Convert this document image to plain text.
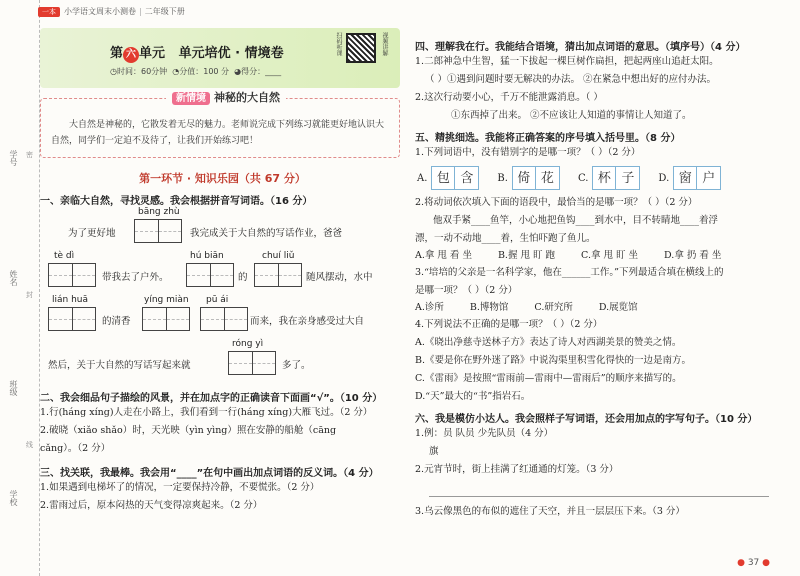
学号
姓名
班级
学校
密
封
线
一本 小学语文周末小测卷 | 二年级下册
第 六 单元 单元培优 · 情境卷
◷时间：60分钟 ◔分值：100 分 ◕得分：____
扫码听课	视频讲解
新情境 神秘的大自然

大自然是神秘的，它散发着无尽的魅力。老师说完成下列练习就能更好地认识大自然，同学们一定迫不及待了，让我们开始练习吧！

第一环节 · 知识乐园（共 67 分）
一、亲临大自然，寻找灵感。我会根据拼音写词语。（16 分）
bāng zhù
为了更好地	我完成关于大自然的写话作业，爸爸
tè dì
带我去了户外。
hú biān
的
chuí liǔ
随风摆动，水中
lián huā
的清香
yíng miàn pū ái
而来，我在亲身感受过大自
然后，关于大自然的写话写起来就
róng yì
多了。
二、我会细品句子描绘的风景，并在加点字的正确读音下面画“√”。（10 分）
1.行(háng xíng)人走在小路上，我们看到一行(háng xíng)大雁飞过。（2 分）
2.破晓（xiǎo shǎo）时，天光映（yìn yìng）照在安静的船舱（cāng
cǎng）。（2 分）
三、找关联，我最棒。我会用“____”在句中画出加点词语的反义词。（4 分）
1.如果遇到电梯坏了的情况，一定要保持冷静，不要慌张。（2 分）
2.雷雨过后，原本闷热的天气变得凉爽起来。（2 分）
四、理解我在行。我能结合语境，猜出加点词语的意思。（填序号）（4 分）
1.二郎神急中生智，猛一下拔起一棵巨树作扁担，把起两座山追赶太阳。
（ ）①遇到问题时要无解决的办法。 ②在紧急中想出好的应付办法。
2.这次行动要小心，千万不能泄露消息。（ ）
①东西掉了出来。 ②不应该让人知道的事情让人知道了。
五、精挑细选。我能将正确答案的序号填入括号里。（8 分）
1.下列词语中，没有错别字的是哪一项？（ ）（2 分）
A. 包 含	B. 倚 花	C. 杯 子	D. 窗 户
2.将动词依次填入下面的语段中，最恰当的是哪一项？（ ）（2 分）
他双手紧____鱼竿，小心地把鱼钩____到水中，目不转睛地____着浮
漂，一动不动地____着，生怕吓跑了鱼儿。
A.拿 甩 看 坐	B.握 甩 盯 跑	C.拿 甩 盯 坐	D.拿 扔 看 坐
3.“培培的父亲是一名科学家，他在______工作。”下列最适合填在横线上的
是哪一项？（ ）（2 分）
A.诊所	B.博物馆	C.研究所	D.展览馆
4.下列说法不正确的是哪一项？（ ）（2 分）
A.《晓出净慈寺送林子方》表达了诗人对西湖美景的赞美之情。
B.《要是你在野外迷了路》中说沟渠里积雪化得快的一边是南方。
C.《雷雨》是按照“雷雨前—雷雨中—雷雨后”的顺序来描写的。
D.“天”最大的“书”指岩石。
六、我是模仿小达人。我会照样子写词语，还会用加点的字写句子。（10 分）
1.例：员 队员 少先队员（4 分）
旗
2.元宵节时，街上挂满了红通通的灯笼。（3 分）
3.乌云像黑色的布似的遮住了天空，并且一层层压下来。（3 分）
● 37 ●
